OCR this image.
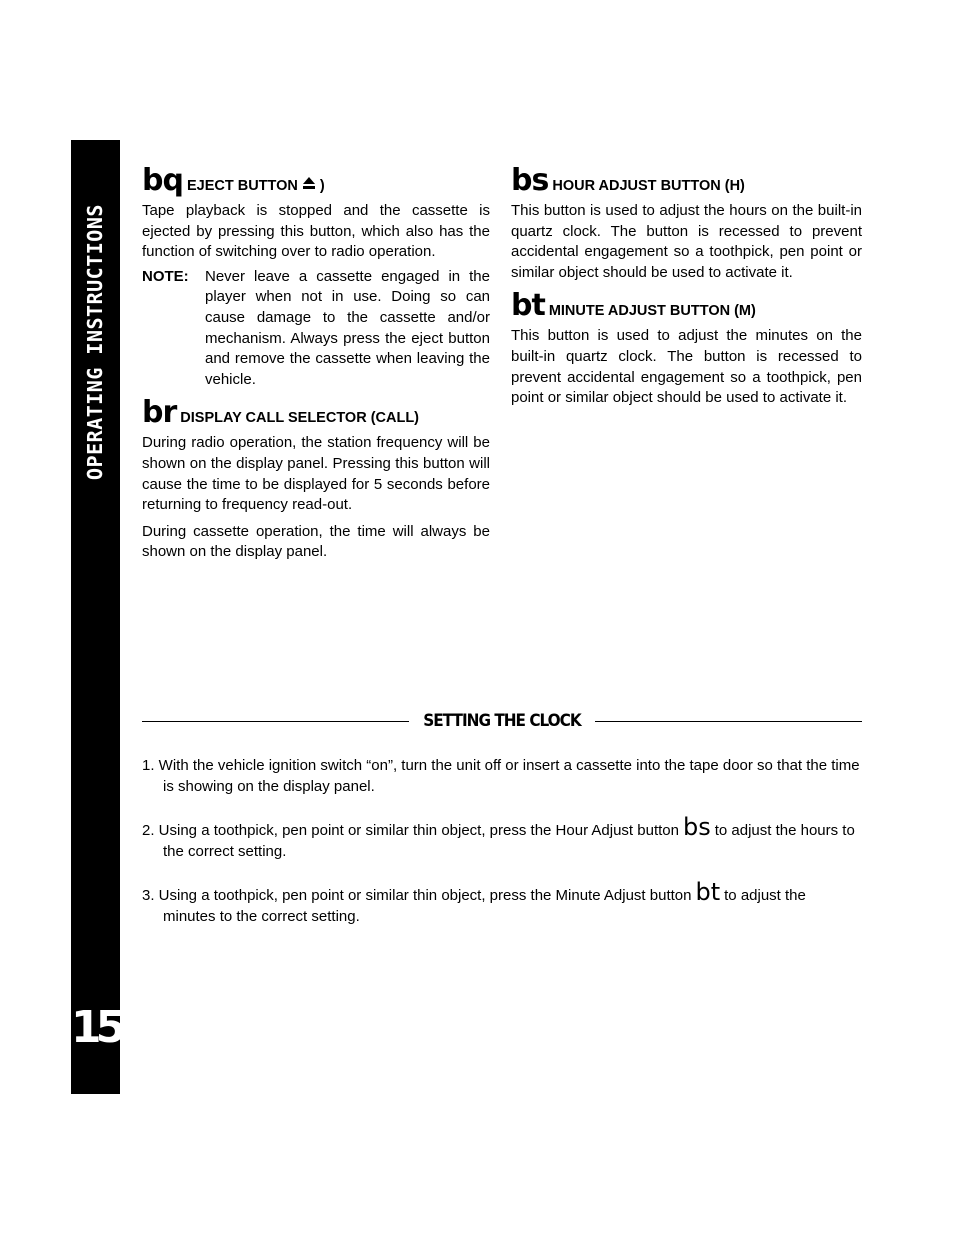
OPERATING INSTRUCTIONS
15

bq EJECT BUTTON )

Tape playback is stopped and the cassette is ejected by pressing this button, which also has the function of switching over to radio operation.

NOTE: Never leave a cassette engaged in the player when not in use. Doing so can cause damage to the cassette and/or mechanism. Always press the eject button and remove the cassette when leaving the vehicle.

br DISPLAY CALL SELECTOR (CALL)

During radio operation, the station frequency will be shown on the display panel. Pressing this button will cause the time to be displayed for 5 seconds before returning to frequency read-out.

During cassette operation, the time will always be shown on the display panel.

bs HOUR ADJUST BUTTON (H)

This button is used to adjust the hours on the built-in quartz clock. The button is recessed to prevent accidental engagement so a toothpick, pen point or similar object should be used to activate it.

bt MINUTE ADJUST BUTTON (M)

This button is used to adjust the minutes on the built-in quartz clock. The button is recessed to prevent accidental engagement so a toothpick, pen point or similar object should be used to activate it.

SETTING THE CLOCK

1. With the vehicle ignition switch “on”, turn the unit off or insert a cassette into the tape door so that the time is showing on the display panel.

2. Using a toothpick, pen point or similar thin object, press the Hour Adjust button bs to adjust the hours to the correct setting.

3. Using a toothpick, pen point or similar thin object, press the Minute Adjust button bt to adjust the minutes to the correct setting.
